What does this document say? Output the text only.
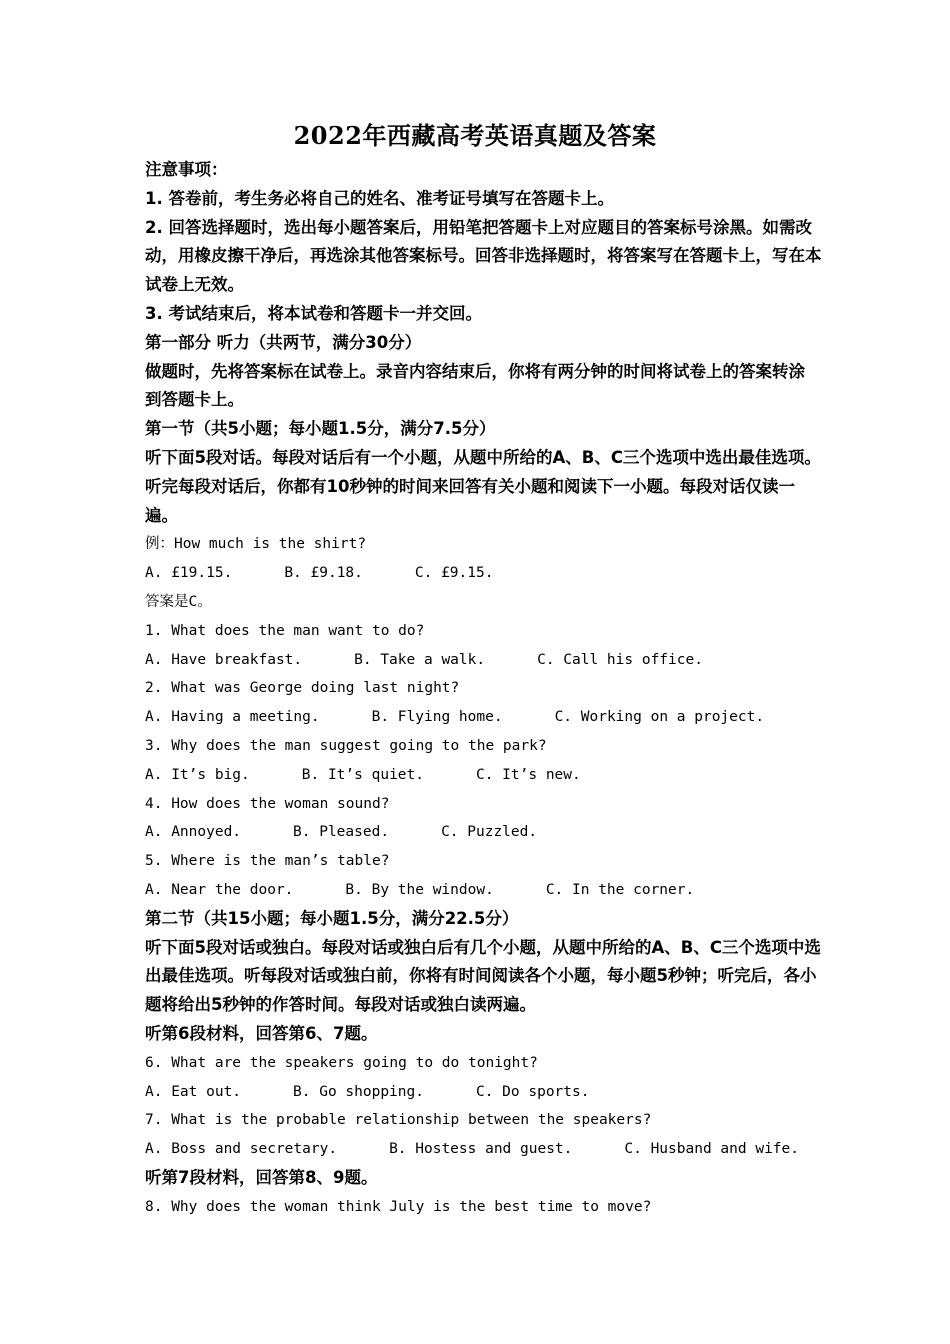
2022年西藏高考英语真题及答案
注意事项：
1. 答卷前，考生务必将自己的姓名、准考证号填写在答题卡上。
2. 回答选择题时，选出每小题答案后，用铅笔把答题卡上对应题目的答案标号涂黑。如需改
动，用橡皮擦干净后，再选涂其他答案标号。回答非选择题时，将答案写在答题卡上，写在本
试卷上无效。
3. 考试结束后，将本试卷和答题卡一并交回。
第一部分 听力（共两节，满分30分）
做题时，先将答案标在试卷上。录音内容结束后，你将有两分钟的时间将试卷上的答案转涂
到答题卡上。
第一节（共5小题；每小题1.5分，满分7.5分）
听下面5段对话。每段对话后有一个小题，从题中所给的A、B、C三个选项中选出最佳选项。
听完每段对话后，你都有10秒钟的时间来回答有关小题和阅读下一小题。每段对话仅读一
遍。
例：How much is the shirt?
A. £19.15.	B. £9.18.	C. £9.15.
答案是C。
1. What does the man want to do?
A. Have breakfast.	B. Take a walk.	C. Call his office.
2. What was George doing last night?
A. Having a meeting.	B. Flying home.	C. Working on a project.
3. Why does the man suggest going to the park?
A. It’s big.	B. It’s quiet.	C. It’s new.
4. How does the woman sound?
A. Annoyed.	B. Pleased.	C. Puzzled.
5. Where is the man’s table?
A. Near the door.	B. By the window.	C. In the corner.
第二节（共15小题；每小题1.5分，满分22.5分）
听下面5段对话或独白。每段对话或独白后有几个小题，从题中所给的A、B、C三个选项中选
出最佳选项。听每段对话或独白前，你将有时间阅读各个小题，每小题5秒钟；听完后，各小
题将给出5秒钟的作答时间。每段对话或独白读两遍。
听第6段材料，回答第6、7题。
6. What are the speakers going to do tonight?
A. Eat out.	B. Go shopping.	C. Do sports.
7. What is the probable relationship between the speakers?
A. Boss and secretary.	B. Hostess and guest.	C. Husband and wife.
听第7段材料，回答第8、9题。
8. Why does the woman think July is the best time to move?
